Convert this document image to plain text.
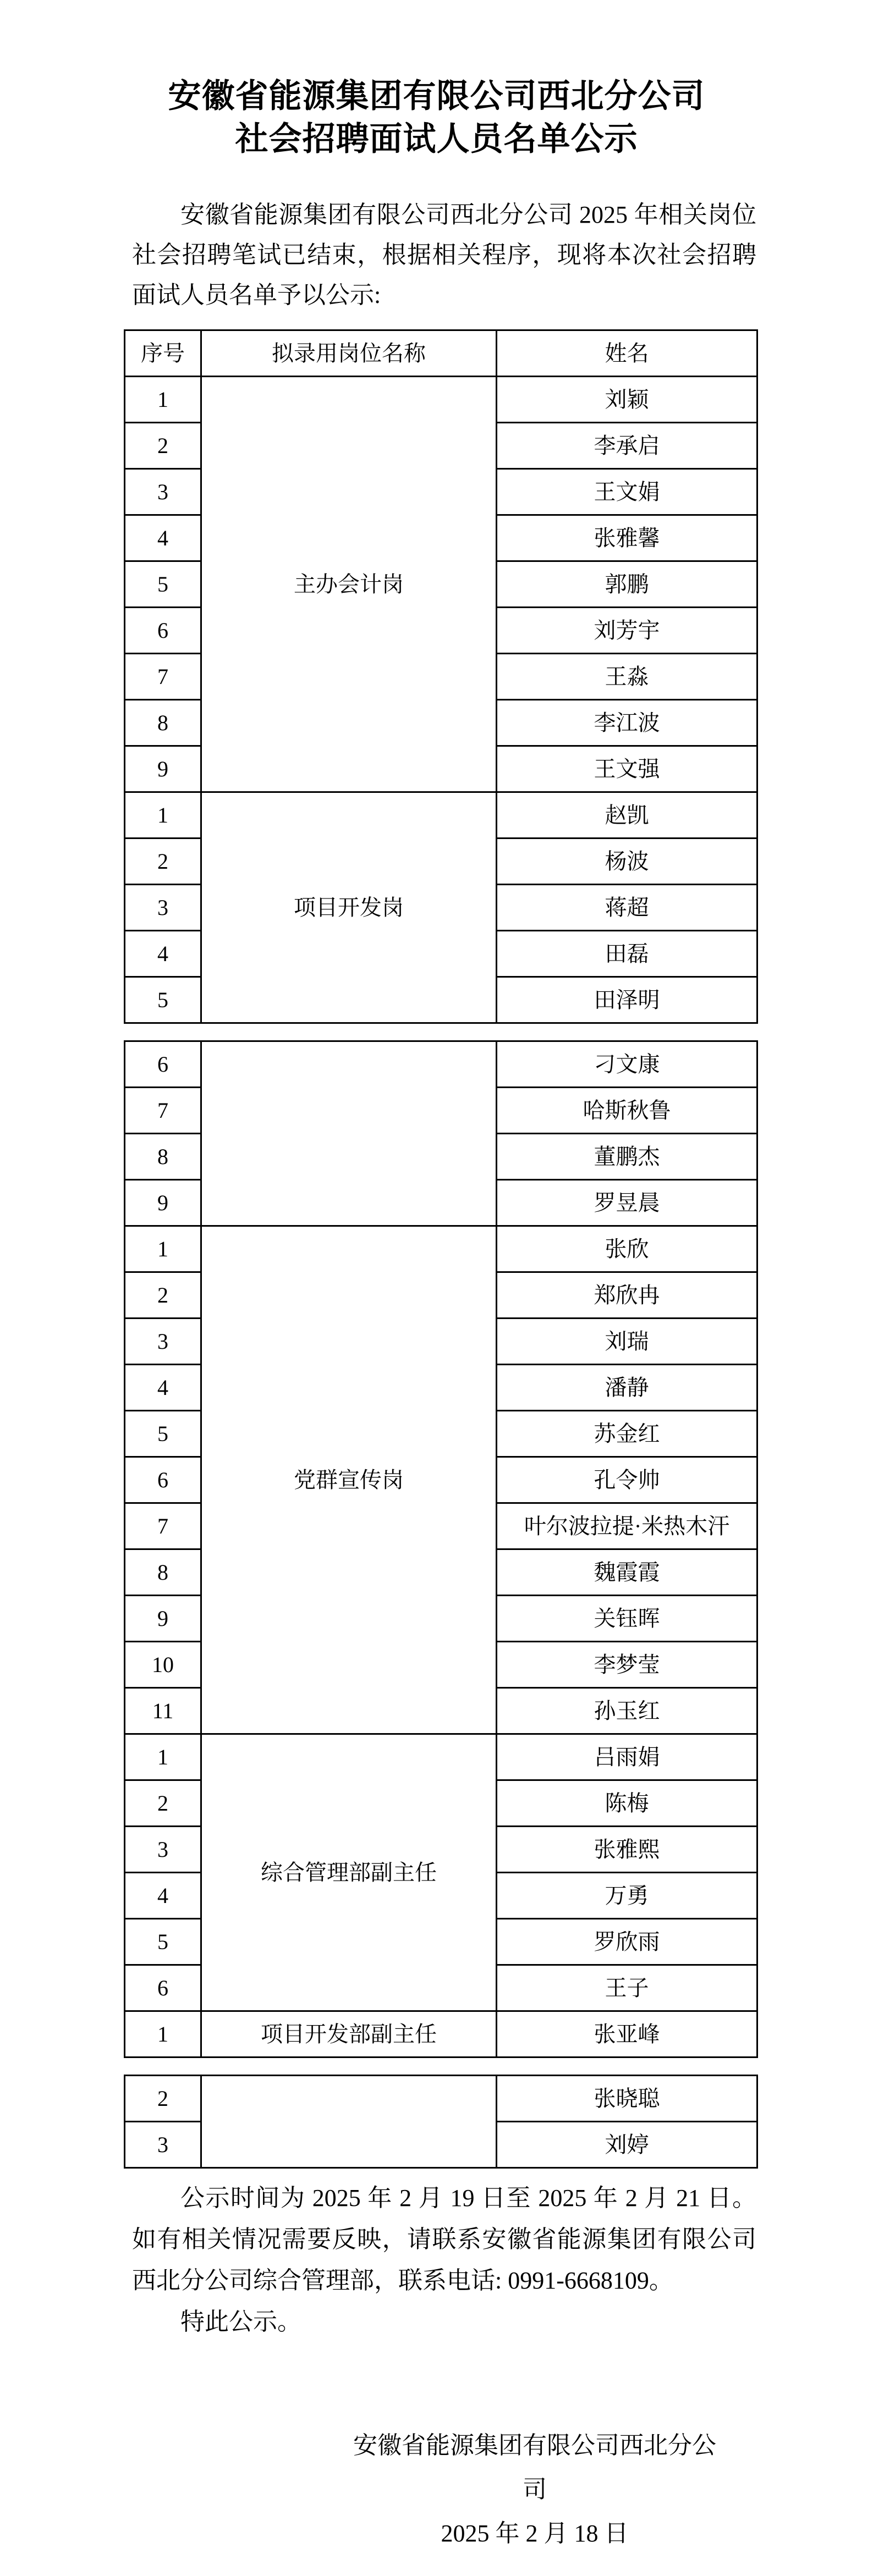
安徽省能源集团有限公司西北分公司
社会招聘面试人员名单公示

安徽省能源集团有限公司西北分公司 2025 年相关岗位社会招聘笔试已结束，根据相关程序，现将本次社会招聘面试人员名单予以公示:

序号	拟录用岗位名称	姓名
1	主办会计岗	刘颖
2		李承启
3		王文娟
4		张雅馨
5		郭鹏
6		刘芳宇
7		王淼
8		李江波
9		王文强
1	项目开发岗	赵凯
2		杨波
3		蒋超
4		田磊
5		田泽明
6		刁文康
7		哈斯秋鲁
8		董鹏杰
9		罗昱晨
1	党群宣传岗	张欣
2		郑欣冉
3		刘瑞
4		潘静
5		苏金红
6		孔令帅
7		叶尔波拉提·米热木汗
8		魏霞霞
9		关钰晖
10		李梦莹
11		孙玉红
1	综合管理部副主任	吕雨娟
2		陈梅
3		张雅熙
4		万勇
5		罗欣雨
6		王子
1	项目开发部副主任	张亚峰
2		张晓聪
3		刘婷

公示时间为 2025 年 2 月 19 日至 2025 年 2 月 21 日。如有相关情况需要反映，请联系安徽省能源集团有限公司西北分公司综合管理部，联系电话: 0991-6668109。

特此公示。

安徽省能源集团有限公司西北分公司
2025 年 2 月 18 日
